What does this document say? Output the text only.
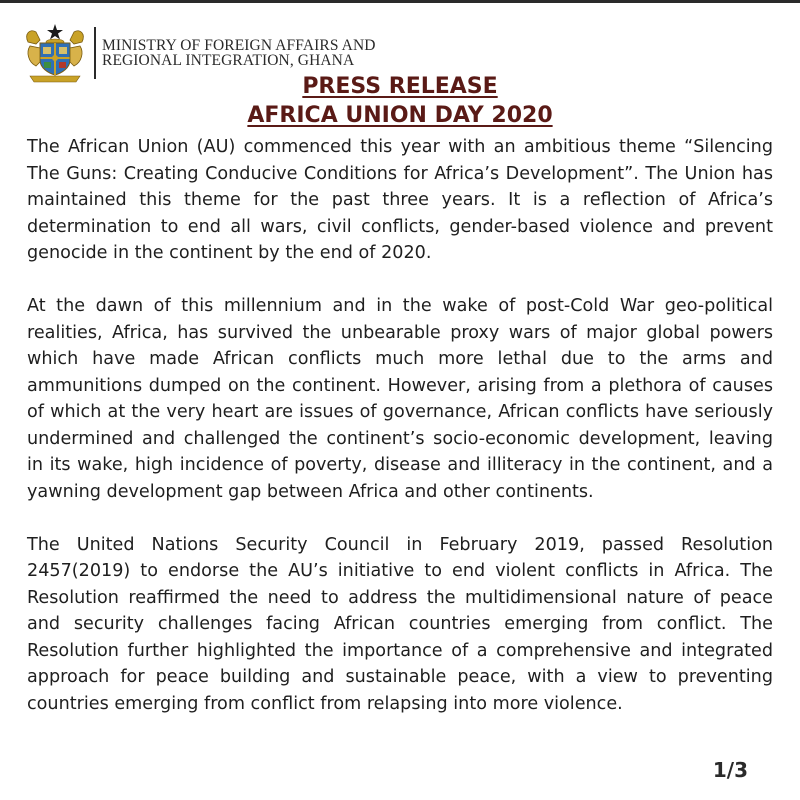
MINISTRY OF FOREIGN AFFAIRS AND
REGIONAL INTEGRATION, GHANA
PRESS RELEASE
AFRICA UNION DAY 2020

The African Union (AU) commenced this year with an ambitious theme “Silencing The Guns: Creating Conducive Conditions for Africa’s Development”. The Union has maintained this theme for the past three years. It is a reflection of Africa’s determination to end all wars, civil conflicts, gender-based violence and prevent genocide in the continent by the end of 2020.

At the dawn of this millennium and in the wake of post-Cold War geo-political realities, Africa, has survived the unbearable proxy wars of major global powers which have made African conflicts much more lethal due to the arms and ammunitions dumped on the continent. However, arising from a plethora of causes of which at the very heart are issues of governance, African conflicts have seriously undermined and challenged the continent’s socio-economic development, leaving in its wake, high incidence of poverty, disease and illiteracy in the continent, and a yawning development gap between Africa and other continents.

The United Nations Security Council in February 2019, passed Resolution 2457(2019) to endorse the AU’s initiative to end violent conflicts in Africa. The Resolution reaffirmed the need to address the multidimensional nature of peace and security challenges facing African countries emerging from conflict. The Resolution further highlighted the importance of a comprehensive and integrated approach for peace building and sustainable peace, with a view to preventing countries emerging from conflict from relapsing into more violence.

1/3
